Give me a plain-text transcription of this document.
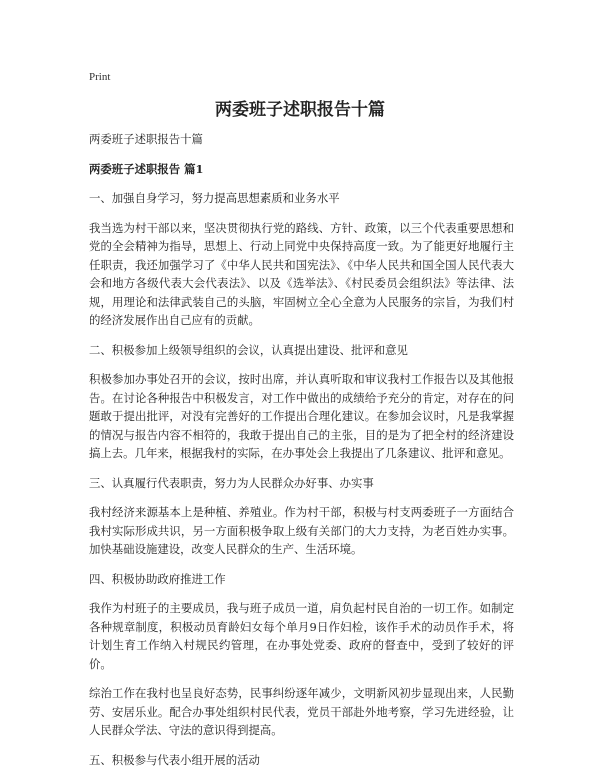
Print
两委班子述职报告十篇

两委班子述职报告十篇

两委班子述职报告 篇1

一、加强自身学习，努力提高思想素质和业务水平

我当选为村干部以来，坚决贯彻执行党的路线、方针、政策，以三个代表重要思想和党的全会精神为指导，思想上、行动上同党中央保持高度一致。为了能更好地履行主任职责，我还加强学习了《中华人民共和国宪法》、《中华人民共和国全国人民代表大会和地方各级代表大会代表法》、以及《选举法》、《村民委员会组织法》等法律、法规，用理论和法律武装自己的头脑，牢固树立全心全意为人民服务的宗旨，为我们村的经济发展作出自己应有的贡献。

二、积极参加上级领导组织的会议，认真提出建设、批评和意见

积极参加办事处召开的会议，按时出席，并认真听取和审议我村工作报告以及其他报告。在讨论各种报告中积极发言，对工作中做出的成绩给予充分的肯定，对存在的问题敢于提出批评，对没有完善好的工作提出合理化建议。在参加会议时，凡是我掌握的情况与报告内容不相符的，我敢于提出自己的主张，目的是为了把全村的经济建设搞上去。几年来，根据我村的实际，在办事处会上我提出了几条建议、批评和意见。

三、认真履行代表职责，努力为人民群众办好事、办实事

我村经济来源基本上是种植、养殖业。作为村干部，积极与村支两委班子一方面结合我村实际形成共识，另一方面积极争取上级有关部门的大力支持，为老百姓办实事。加快基础设施建设，改变人民群众的生产、生活环境。

四、积极协助政府推进工作

我作为村班子的主要成员，我与班子成员一道，肩负起村民自治的一切工作。如制定各种规章制度，积极动员育龄妇女每个单月9日作妇检，该作手术的动员作手术，将计划生育工作纳入村规民约管理，在办事处党委、政府的督查中，受到了较好的评价。

综治工作在我村也呈良好态势，民事纠纷逐年减少，文明新风初步显现出来，人民勤劳、安居乐业。配合办事处组织村民代表，党员干部赴外地考察，学习先进经验，让人民群众学法、守法的意识得到提高。

五、积极参与代表小组开展的活动
